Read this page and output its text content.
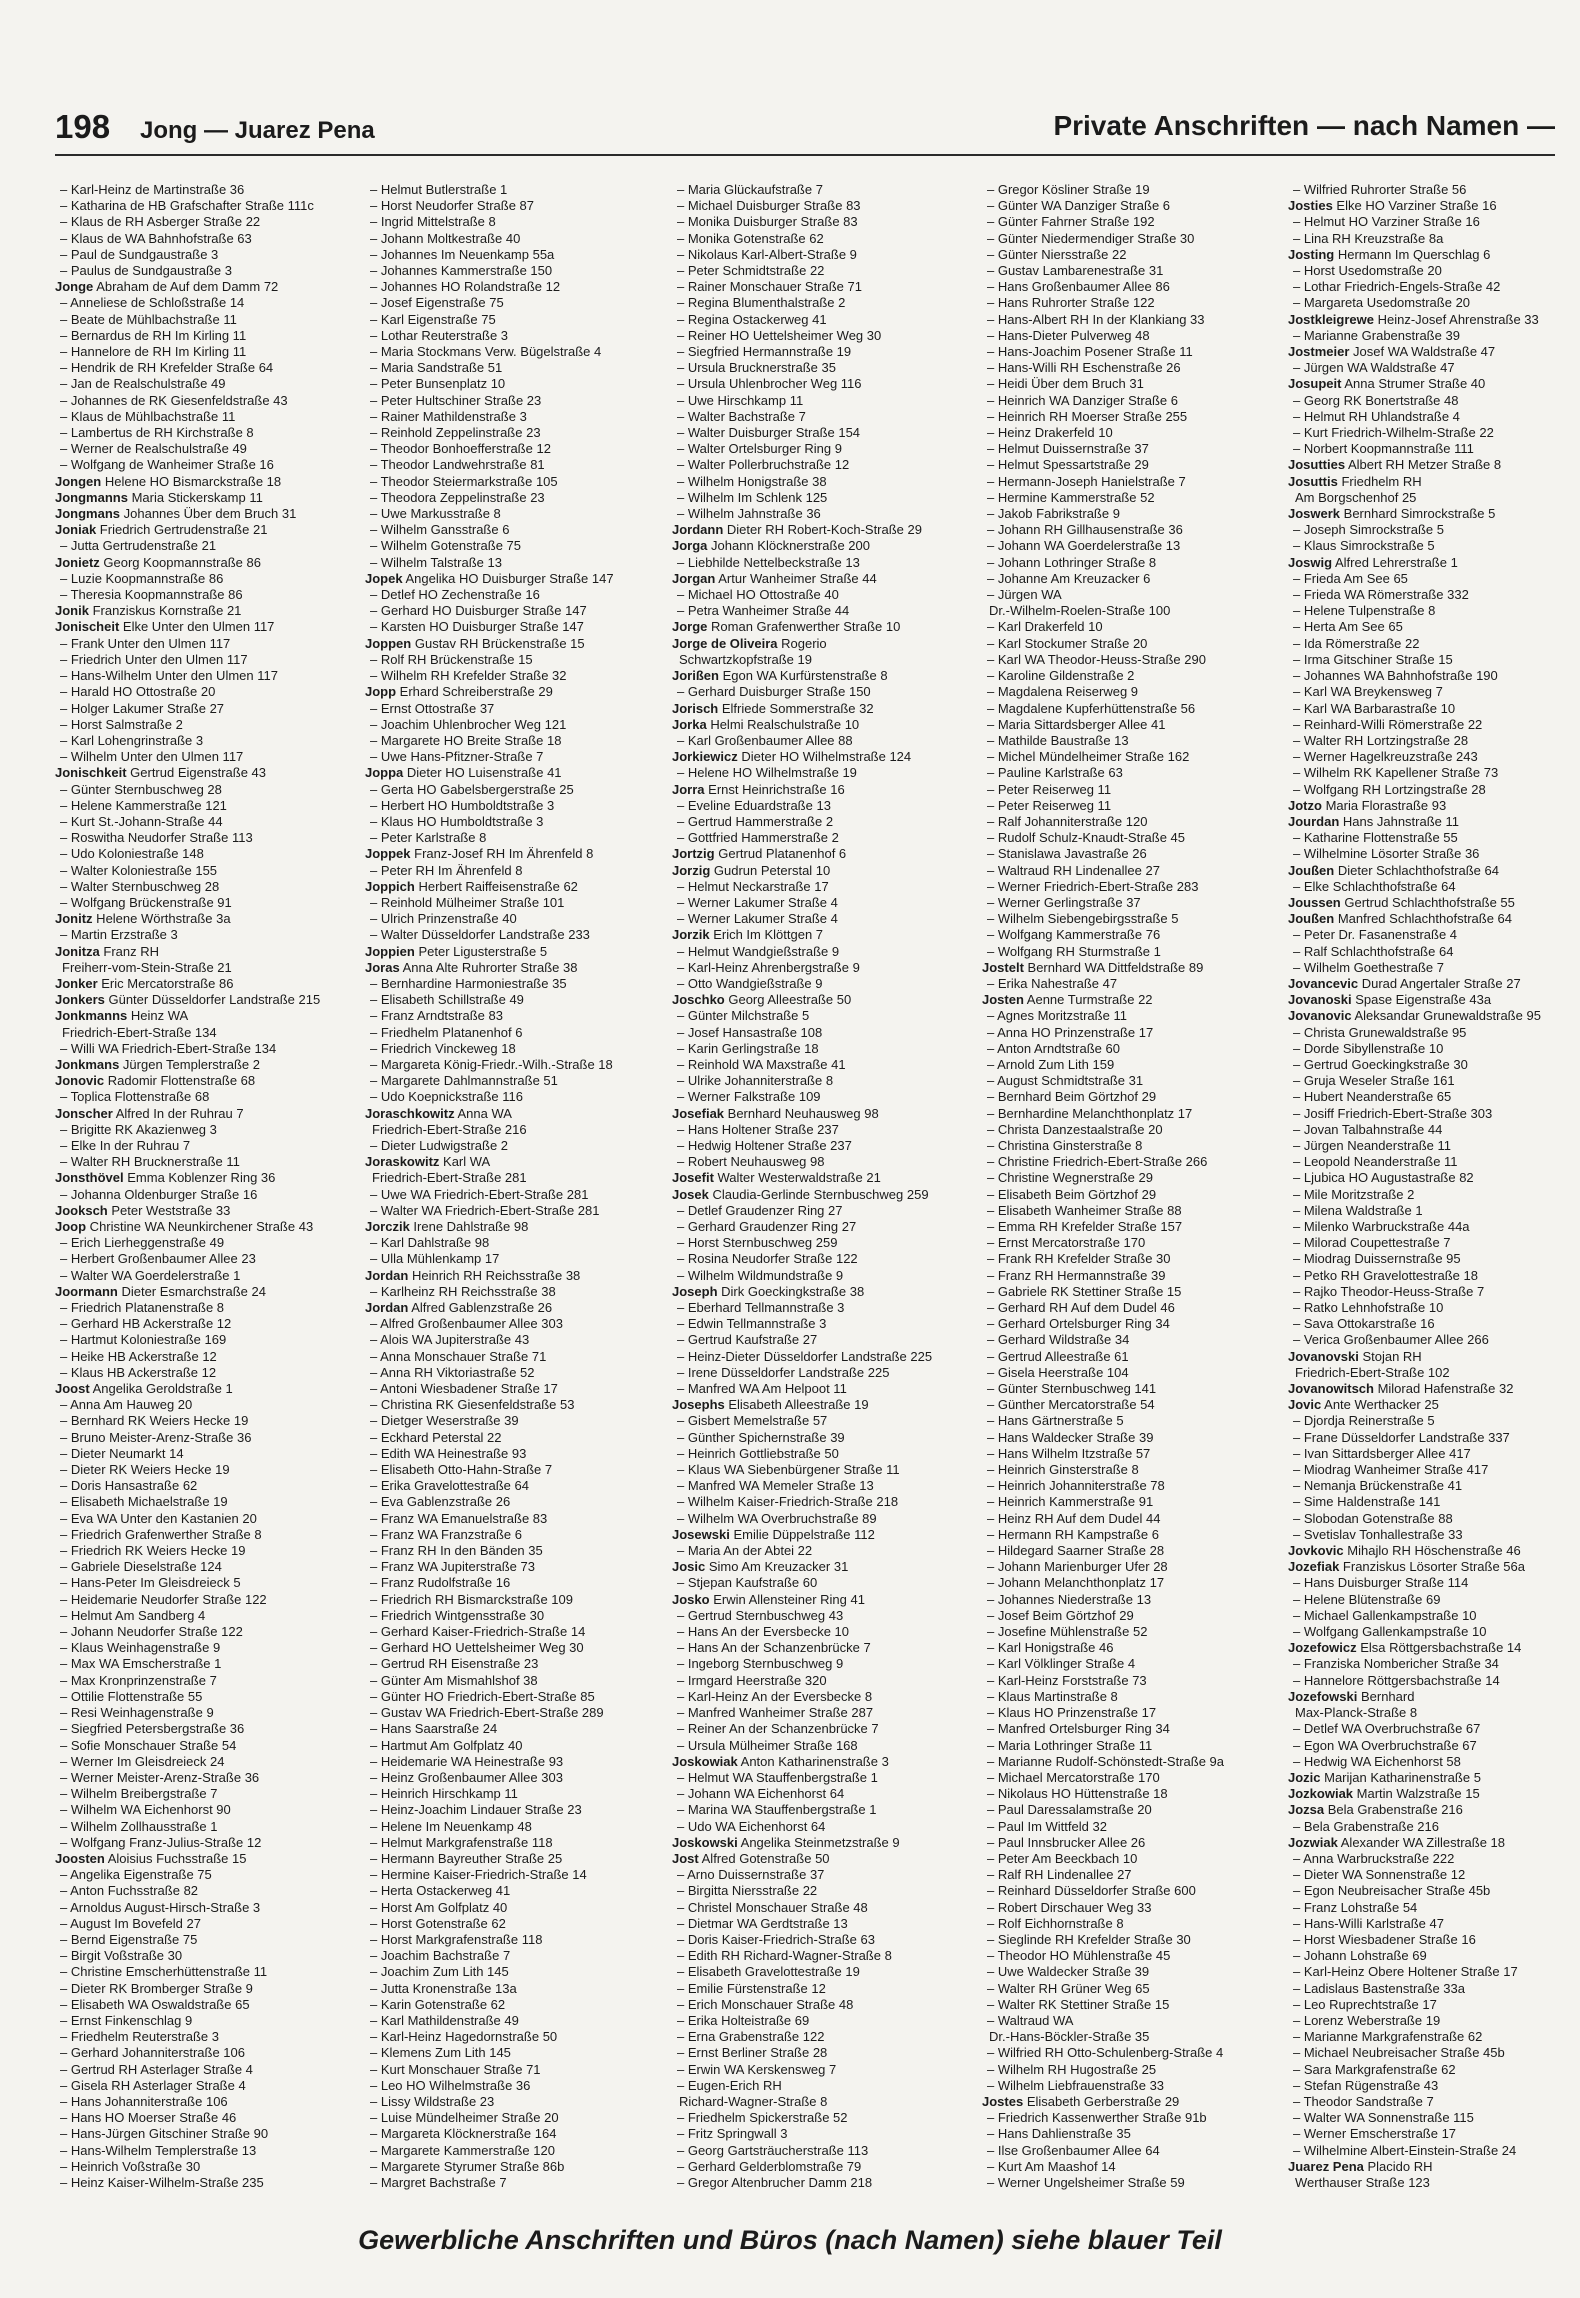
198 Jong — Juarez Pena	Private Anschriften — nach Namen —
– Karl-Heinz de Martinstraße 36
– Katharina de HB Grafschafter Straße 111c
– Klaus de RH Asberger Straße 22
– Klaus de WA Bahnhofstraße 63
– Paul de Sundgaustraße 3
– Paulus de Sundgaustraße 3
Jonge Abraham de Auf dem Damm 72
– Anneliese de Schloßstraße 14
– Beate de Mühlbachstraße 11
– Bernardus de RH Im Kirling 11
– Hannelore de RH Im Kirling 11
– Hendrik de RH Krefelder Straße 64
– Jan de Realschulstraße 49
– Johannes de RK Giesenfeldstraße 43
– Klaus de Mühlbachstraße 11
– Lambertus de RH Kirchstraße 8
– Werner de Realschulstraße 49
– Wolfgang de Wanheimer Straße 16
Jongen Helene HO Bismarckstraße 18
Jongmanns Maria Stickerskamp 11
Jongmans Johannes Über dem Bruch 31
Joniak Friedrich Gertrudenstraße 21
– Jutta Gertrudenstraße 21
Jonietz Georg Koopmannstraße 86
– Luzie Koopmannstraße 86
– Theresia Koopmannstraße 86
Jonik Franziskus Kornstraße 21
Jonischeit Elke Unter den Ulmen 117
– Frank Unter den Ulmen 117
– Friedrich Unter den Ulmen 117
– Hans-Wilhelm Unter den Ulmen 117
– Harald HO Ottostraße 20
– Holger Lakumer Straße 27
– Horst Salmstraße 2
– Karl Lohengrinstraße 3
– Wilhelm Unter den Ulmen 117
Jonischkeit Gertrud Eigenstraße 43
– Günter Sternbuschweg 28
– Helene Kammerstraße 121
– Kurt St.-Johann-Straße 44
– Roswitha Neudorfer Straße 113
– Udo Koloniestraße 148
– Walter Koloniestraße 155
– Walter Sternbuschweg 28
– Wolfgang Brückenstraße 91
Jonitz Helene Wörthstraße 3a
– Martin Erzstraße 3
Jonitza Franz RH
Freiherr-vom-Stein-Straße 21
Jonker Eric Mercatorstraße 86
Jonkers Günter Düsseldorfer Landstraße 215
Jonkmanns Heinz WA
Friedrich-Ebert-Straße 134
– Willi WA Friedrich-Ebert-Straße 134
Jonkmans Jürgen Templerstraße 2
Jonovic Radomir Flottenstraße 68
– Toplica Flottenstraße 68
Jonscher Alfred In der Ruhrau 7
– Brigitte RK Akazienweg 3
– Elke In der Ruhrau 7
– Walter RH Brucknerstraße 11
Jonsthövel Emma Koblenzer Ring 36
– Johanna Oldenburger Straße 16
Jooksch Peter Weststraße 33
Joop Christine WA Neunkirchener Straße 43
– Erich Lierheggenstraße 49
– Herbert Großenbaumer Allee 23
– Walter WA Goerdelerstraße 1
Joormann Dieter Esmarchstraße 24
– Friedrich Platanenstraße 8
– Gerhard HB Ackerstraße 12
– Hartmut Koloniestraße 169
– Heike HB Ackerstraße 12
– Klaus HB Ackerstraße 12
Joost Angelika Geroldstraße 1
– Anna Am Hauweg 20
– Bernhard RK Weiers Hecke 19
– Bruno Meister-Arenz-Straße 36
– Dieter Neumarkt 14
– Dieter RK Weiers Hecke 19
– Doris Hansastraße 62
– Elisabeth Michaelstraße 19
– Eva WA Unter den Kastanien 20
– Friedrich Grafenwerther Straße 8
– Friedrich RK Weiers Hecke 19
– Gabriele Dieselstraße 124
– Hans-Peter Im Gleisdreieck 5
– Heidemarie Neudorfer Straße 122
– Helmut Am Sandberg 4
– Johann Neudorfer Straße 122
– Klaus Weinhagenstraße 9
– Max WA Emscherstraße 1
– Max Kronprinzenstraße 7
– Ottilie Flottenstraße 55
– Resi Weinhagenstraße 9
– Siegfried Petersbergstraße 36
– Sofie Monschauer Straße 54
– Werner Im Gleisdreieck 24
– Werner Meister-Arenz-Straße 36
– Wilhelm Breibergstraße 7
– Wilhelm WA Eichenhorst 90
– Wilhelm Zollhausstraße 1
– Wolfgang Franz-Julius-Straße 12
Joosten Aloisius Fuchsstraße 15
– Angelika Eigenstraße 75
– Anton Fuchsstraße 82
– Arnoldus August-Hirsch-Straße 3
– August Im Bovefeld 27
– Bernd Eigenstraße 75
– Birgit Voßstraße 30
– Christine Emscherhüttenstraße 11
– Dieter RK Bromberger Straße 9
– Elisabeth WA Oswaldstraße 65
– Ernst Finkenschlag 9
– Friedhelm Reuterstraße 3
– Gerhard Johanniterstraße 106
– Gertrud RH Asterlager Straße 4
– Gisela RH Asterlager Straße 4
– Hans Johanniterstraße 106
– Hans HO Moerser Straße 46
– Hans-Jürgen Gitschiner Straße 90
– Hans-Wilhelm Templerstraße 13
– Heinrich Voßstraße 30
– Heinz Kaiser-Wilhelm-Straße 235
– Helmut Butlerstraße 1
– Horst Neudorfer Straße 87
– Ingrid Mittelstraße 8
– Johann Moltkestraße 40
– Johannes Im Neuenkamp 55a
– Johannes Kammerstraße 150
– Johannes HO Rolandstraße 12
– Josef Eigenstraße 75
– Karl Eigenstraße 75
– Lothar Reuterstraße 3
– Maria Stockmans Verw. Bügelstraße 4
– Maria Sandstraße 51
– Peter Bunsenplatz 10
– Peter Hultschiner Straße 23
– Rainer Mathildenstraße 3
– Reinhold Zeppelinstraße 23
– Theodor Bonhoefferstraße 12
– Theodor Landwehrstraße 81
– Theodor Steiermarkstraße 105
– Theodora Zeppelinstraße 23
– Uwe Markusstraße 8
– Wilhelm Gansstraße 6
– Wilhelm Gotenstraße 75
– Wilhelm Talstraße 13
Jopek Angelika HO Duisburger Straße 147
– Detlef HO Zechenstraße 16
– Gerhard HO Duisburger Straße 147
– Karsten HO Duisburger Straße 147
Joppen Gustav RH Brückenstraße 15
– Rolf RH Brückenstraße 15
– Wilhelm RH Krefelder Straße 32
Jopp Erhard Schreiberstraße 29
– Ernst Ottostraße 37
– Joachim Uhlenbrocher Weg 121
– Margarete HO Breite Straße 18
– Uwe Hans-Pfitzner-Straße 7
Joppa Dieter HO Luisenstraße 41
– Gerta HO Gabelsbergerstraße 25
– Herbert HO Humboldtstraße 3
– Klaus HO Humboldtstraße 3
– Peter Karlstraße 8
Joppek Franz-Josef RH Im Ährenfeld 8
– Peter RH Im Ährenfeld 8
Joppich Herbert Raiffeisenstraße 62
– Reinhold Mülheimer Straße 101
– Ulrich Prinzenstraße 40
– Walter Düsseldorfer Landstraße 233
Joppien Peter Ligusterstraße 5
Joras Anna Alte Ruhrorter Straße 38
– Bernhardine Harmoniestraße 35
– Elisabeth Schillstraße 49
– Franz Arndtstraße 83
– Friedhelm Platanenhof 6
– Friedrich Vinckeweg 18
– Margareta König-Friedr.-Wilh.-Straße 18
– Margarete Dahlmannstraße 51
– Udo Koepnickstraße 116
Joraschkowitz Anna WA
Friedrich-Ebert-Straße 216
– Dieter Ludwigstraße 2
Joraskowitz Karl WA
Friedrich-Ebert-Straße 281
– Uwe WA Friedrich-Ebert-Straße 281
– Walter WA Friedrich-Ebert-Straße 281
Jorczik Irene Dahlstraße 98
– Karl Dahlstraße 98
– Ulla Mühlenkamp 17
Jordan Heinrich RH Reichsstraße 38
– Karlheinz RH Reichsstraße 38
Jordan Alfred Gablenzstraße 26
– Alfred Großenbaumer Allee 303
– Alois WA Jupiterstraße 43
– Anna Monschauer Straße 71
– Anna RH Viktoriastraße 52
– Antoni Wiesbadener Straße 17
– Christina RK Giesenfeldstraße 53
– Dietger Weserstraße 39
– Eckhard Peterstal 22
– Edith WA Heinestraße 93
– Elisabeth Otto-Hahn-Straße 7
– Erika Gravelottestraße 64
– Eva Gablenzstraße 26
– Franz WA Emanuelstraße 83
– Franz WA Franzstraße 6
– Franz RH In den Bänden 35
– Franz WA Jupiterstraße 73
– Franz Rudolfstraße 16
– Friedrich RH Bismarckstraße 109
– Friedrich Wintgensstraße 30
– Gerhard Kaiser-Friedrich-Straße 14
– Gerhard HO Uettelsheimer Weg 30
– Gertrud RH Eisenstraße 23
– Günter Am Mismahlshof 38
– Günter HO Friedrich-Ebert-Straße 85
– Gustav WA Friedrich-Ebert-Straße 289
– Hans Saarstraße 24
– Hartmut Am Golfplatz 40
– Heidemarie WA Heinestraße 93
– Heinz Großenbaumer Allee 303
– Heinrich Hirschkamp 11
– Heinz-Joachim Lindauer Straße 23
– Helene Im Neuenkamp 48
– Helmut Markgrafenstraße 118
– Hermann Bayreuther Straße 25
– Hermine Kaiser-Friedrich-Straße 14
– Herta Ostackerweg 41
– Horst Am Golfplatz 40
– Horst Gotenstraße 62
– Horst Markgrafenstraße 118
– Joachim Bachstraße 7
– Joachim Zum Lith 145
– Jutta Kronenstraße 13a
– Karin Gotenstraße 62
– Karl Mathildenstraße 49
– Karl-Heinz Hagedornstraße 50
– Klemens Zum Lith 145
– Kurt Monschauer Straße 71
– Leo HO Wilhelmstraße 36
– Lissy Wildstraße 23
– Luise Mündelheimer Straße 20
– Margareta Klöcknerstraße 164
– Margarete Kammerstraße 120
– Margarete Styrumer Straße 86b
– Margret Bachstraße 7
– Maria Glückaufstraße 7
– Michael Duisburger Straße 83
– Monika Duisburger Straße 83
– Monika Gotenstraße 62
– Nikolaus Karl-Albert-Straße 9
– Peter Schmidtstraße 22
– Rainer Monschauer Straße 71
– Regina Blumenthalstraße 2
– Regina Ostackerweg 41
– Reiner HO Uettelsheimer Weg 30
– Siegfried Hermannstraße 19
– Ursula Brucknerstraße 35
– Ursula Uhlenbrocher Weg 116
– Uwe Hirschkamp 11
– Walter Bachstraße 7
– Walter Duisburger Straße 154
– Walter Ortelsburger Ring 9
– Walter Pollerbruchstraße 12
– Wilhelm Honigstraße 38
– Wilhelm Im Schlenk 125
– Wilhelm Jahnstraße 36
Jordann Dieter RH Robert-Koch-Straße 29
Jorga Johann Klöcknerstraße 200
– Liebhilde Nettelbeckstraße 13
Jorgan Artur Wanheimer Straße 44
– Michael HO Ottostraße 40
– Petra Wanheimer Straße 44
Jorge Roman Grafenwerther Straße 10
Jorge de Oliveira Rogerio
Schwartzkopfstraße 19
Jorißen Egon WA Kurfürstenstraße 8
– Gerhard Duisburger Straße 150
Jorisch Elfriede Sommerstraße 32
Jorka Helmi Realschulstraße 10
– Karl Großenbaumer Allee 88
Jorkiewicz Dieter HO Wilhelmstraße 124
– Helene HO Wilhelmstraße 19
Jorra Ernst Heinrichstraße 16
– Eveline Eduardstraße 13
– Gertrud Hammerstraße 2
– Gottfried Hammerstraße 2
Jortzig Gertrud Platanenhof 6
Jorzig Gudrun Peterstal 10
– Helmut Neckarstraße 17
– Werner Lakumer Straße 4
– Werner Lakumer Straße 4
Jorzik Erich Im Klöttgen 7
– Helmut Wandgießstraße 9
– Karl-Heinz Ahrenbergstraße 9
– Otto Wandgießstraße 9
Joschko Georg Alleestraße 50
– Günter Milchstraße 5
– Josef Hansastraße 108
– Karin Gerlingstraße 18
– Reinhold WA Maxstraße 41
– Ulrike Johanniterstraße 8
– Werner Falkstraße 109
Josefiak Bernhard Neuhausweg 98
– Hans Holtener Straße 237
– Hedwig Holtener Straße 237
– Robert Neuhausweg 98
Josefit Walter Westerwaldstraße 21
Josek Claudia-Gerlinde Sternbuschweg 259
– Detlef Graudenzer Ring 27
– Gerhard Graudenzer Ring 27
– Horst Sternbuschweg 259
– Rosina Neudorfer Straße 122
– Wilhelm Wildmundstraße 9
Joseph Dirk Goeckingkstraße 38
– Eberhard Tellmannstraße 3
– Edwin Tellmannstraße 3
– Gertrud Kaufstraße 27
– Heinz-Dieter Düsseldorfer Landstraße 225
– Irene Düsseldorfer Landstraße 225
– Manfred WA Am Helpoot 11
Josephs Elisabeth Alleestraße 19
– Gisbert Memelstraße 57
– Günther Spichernstraße 39
– Heinrich Gottliebstraße 50
– Klaus WA Siebenbürgener Straße 11
– Manfred WA Memeler Straße 13
– Wilhelm Kaiser-Friedrich-Straße 218
– Wilhelm WA Overbruchstraße 89
Josewski Emilie Düppelstraße 112
– Maria An der Abtei 22
Josic Simo Am Kreuzacker 31
– Stjepan Kaufstraße 60
Josko Erwin Allensteiner Ring 41
– Gertrud Sternbuschweg 43
– Hans An der Eversbecke 10
– Hans An der Schanzenbrücke 7
– Ingeborg Sternbuschweg 9
– Irmgard Heerstraße 320
– Karl-Heinz An der Eversbecke 8
– Manfred Wanheimer Straße 287
– Reiner An der Schanzenbrücke 7
– Ursula Mülheimer Straße 168
Joskowiak Anton Katharinenstraße 3
– Helmut WA Stauffenbergstraße 1
– Johann WA Eichenhorst 64
– Marina WA Stauffenbergstraße 1
– Udo WA Eichenhorst 64
Joskowski Angelika Steinmetzstraße 9
Jost Alfred Gotenstraße 50
– Arno Duissernstraße 37
– Birgitta Niersstraße 22
– Christel Monschauer Straße 48
– Dietmar WA Gerdtstraße 13
– Doris Kaiser-Friedrich-Straße 63
– Edith RH Richard-Wagner-Straße 8
– Elisabeth Gravelottestraße 19
– Emilie Fürstenstraße 12
– Erich Monschauer Straße 48
– Erika Holteistraße 69
– Erna Grabenstraße 122
– Ernst Berliner Straße 28
– Erwin WA Kerskensweg 7
– Eugen-Erich RH
Richard-Wagner-Straße 8
– Friedhelm Spickerstraße 52
– Fritz Springwall 3
– Georg Gartsträucherstraße 113
– Gerhard Gelderblomstraße 79
– Gregor Altenbrucher Damm 218
– Gregor Kösliner Straße 19
– Günter WA Danziger Straße 6
– Günter Fahrner Straße 192
– Günter Niedermendiger Straße 30
– Günter Niersstraße 22
– Gustav Lambarenestraße 31
– Hans Großenbaumer Allee 86
– Hans Ruhrorter Straße 122
– Hans-Albert RH In der Klankiang 33
– Hans-Dieter Pulverweg 48
– Hans-Joachim Posener Straße 11
– Hans-Willi RH Eschenstraße 26
– Heidi Über dem Bruch 31
– Heinrich WA Danziger Straße 6
– Heinrich RH Moerser Straße 255
– Heinz Drakerfeld 10
– Helmut Duissernstraße 37
– Helmut Spessartstraße 29
– Hermann-Joseph Hanielstraße 7
– Hermine Kammerstraße 52
– Jakob Fabrikstraße 9
– Johann RH Gillhausenstraße 36
– Johann WA Goerdelerstraße 13
– Johann Lothringer Straße 8
– Johanne Am Kreuzacker 6
– Jürgen WA
Dr.-Wilhelm-Roelen-Straße 100
– Karl Drakerfeld 10
– Karl Stockumer Straße 20
– Karl WA Theodor-Heuss-Straße 290
– Karoline Gildenstraße 2
– Magdalena Reiserweg 9
– Magdalene Kupferhüttenstraße 56
– Maria Sittardsberger Allee 41
– Mathilde Baustraße 13
– Michel Mündelheimer Straße 162
– Pauline Karlstraße 63
– Peter Reiserweg 11
– Peter Reiserweg 11
– Ralf Johanniterstraße 120
– Rudolf Schulz-Knaudt-Straße 45
– Stanislawa Javastraße 26
– Waltraud RH Lindenallee 27
– Werner Friedrich-Ebert-Straße 283
– Werner Gerlingstraße 37
– Wilhelm Siebengebirgsstraße 5
– Wolfgang Kammerstraße 76
– Wolfgang RH Sturmstraße 1
Jostelt Bernhard WA Dittfeldstraße 89
– Erika Nahestraße 47
Josten Aenne Turmstraße 22
– Agnes Moritzstraße 11
– Anna HO Prinzenstraße 17
– Anton Arndtstraße 60
– Arnold Zum Lith 159
– August Schmidtstraße 31
– Bernhard Beim Görtzhof 29
– Bernhardine Melanchthonplatz 17
– Christa Danzestaalstraße 20
– Christina Ginsterstraße 8
– Christine Friedrich-Ebert-Straße 266
– Christine Wegnerstraße 29
– Elisabeth Beim Görtzhof 29
– Elisabeth Wanheimer Straße 88
– Emma RH Krefelder Straße 157
– Ernst Mercatorstraße 170
– Frank RH Krefelder Straße 30
– Franz RH Hermannstraße 39
– Gabriele RK Stettiner Straße 15
– Gerhard RH Auf dem Dudel 46
– Gerhard Ortelsburger Ring 34
– Gerhard Wildstraße 34
– Gertrud Alleestraße 61
– Gisela Heerstraße 104
– Günter Sternbuschweg 141
– Günther Mercatorstraße 54
– Hans Gärtnerstraße 5
– Hans Waldecker Straße 39
– Hans Wilhelm Itzstraße 57
– Heinrich Ginsterstraße 8
– Heinrich Johanniterstraße 78
– Heinrich Kammerstraße 91
– Heinz RH Auf dem Dudel 44
– Hermann RH Kampstraße 6
– Hildegard Saarner Straße 28
– Johann Marienburger Ufer 28
– Johann Melanchthonplatz 17
– Johannes Niederstraße 13
– Josef Beim Görtzhof 29
– Josefine Mühlenstraße 52
– Karl Honigstraße 46
– Karl Völklinger Straße 4
– Karl-Heinz Forststraße 73
– Klaus Martinstraße 8
– Klaus HO Prinzenstraße 17
– Manfred Ortelsburger Ring 34
– Maria Lothringer Straße 11
– Marianne Rudolf-Schönstedt-Straße 9a
– Michael Mercatorstraße 170
– Nikolaus HO Hüttenstraße 18
– Paul Daressalamstraße 20
– Paul Im Wittfeld 32
– Paul Innsbrucker Allee 26
– Peter Am Beeckbach 10
– Ralf RH Lindenallee 27
– Reinhard Düsseldorfer Straße 600
– Robert Dirschauer Weg 33
– Rolf Eichhornstraße 8
– Sieglinde RH Krefelder Straße 30
– Theodor HO Mühlenstraße 45
– Uwe Waldecker Straße 39
– Walter RH Grüner Weg 65
– Walter RK Stettiner Straße 15
– Waltraud WA
Dr.-Hans-Böckler-Straße 35
– Wilfried RH Otto-Schulenberg-Straße 4
– Wilhelm RH Hugostraße 25
– Wilhelm Liebfrauenstraße 33
Jostes Elisabeth Gerberstraße 29
– Friedrich Kassenwerther Straße 91b
– Hans Dahlienstraße 35
– Ilse Großenbaumer Allee 64
– Kurt Am Maashof 14
– Werner Ungelsheimer Straße 59
– Wilfried Ruhrorter Straße 56
Josties Elke HO Varziner Straße 16
– Helmut HO Varziner Straße 16
– Lina RH Kreuzstraße 8a
Josting Hermann Im Querschlag 6
– Horst Usedomstraße 20
– Lothar Friedrich-Engels-Straße 42
– Margareta Usedomstraße 20
Jostkleigrewe Heinz-Josef Ahrenstraße 33
– Marianne Grabenstraße 39
Jostmeier Josef WA Waldstraße 47
– Jürgen WA Waldstraße 47
Josupeit Anna Strumer Straße 40
– Georg RK Bonertstraße 48
– Helmut RH Uhlandstraße 4
– Kurt Friedrich-Wilhelm-Straße 22
– Norbert Koopmannstraße 111
Josutties Albert RH Metzer Straße 8
Josuttis Friedhelm RH
Am Borgschenhof 25
Joswerk Bernhard Simrockstraße 5
– Joseph Simrockstraße 5
– Klaus Simrockstraße 5
Joswig Alfred Lehrerstraße 1
– Frieda Am See 65
– Frieda WA Römerstraße 332
– Helene Tulpenstraße 8
– Herta Am See 65
– Ida Römerstraße 22
– Irma Gitschiner Straße 15
– Johannes WA Bahnhofstraße 190
– Karl WA Breykensweg 7
– Karl WA Barbarastraße 10
– Reinhard-Willi Römerstraße 22
– Walter RH Lortzingstraße 28
– Werner Hagelkreuzstraße 243
– Wilhelm RK Kapellener Straße 73
– Wolfgang RH Lortzingstraße 28
Jotzo Maria Florastraße 93
Jourdan Hans Jahnstraße 11
– Katharine Flottenstraße 55
– Wilhelmine Lösorter Straße 36
Joußen Dieter Schlachthofstraße 64
– Elke Schlachthofstraße 64
Joussen Gertrud Schlachthofstraße 55
Joußen Manfred Schlachthofstraße 64
– Peter Dr. Fasanenstraße 4
– Ralf Schlachthofstraße 64
– Wilhelm Goethestraße 7
Jovancevic Durad Angertaler Straße 27
Jovanoski Spase Eigenstraße 43a
Jovanovic Aleksandar Grunewaldstraße 95
– Christa Grunewaldstraße 95
– Dorde Sibyllenstraße 10
– Gertrud Goeckingkstraße 30
– Gruja Weseler Straße 161
– Hubert Neanderstraße 65
– Josiff Friedrich-Ebert-Straße 303
– Jovan Talbahnstraße 44
– Jürgen Neanderstraße 11
– Leopold Neanderstraße 11
– Ljubica HO Augustastraße 82
– Mile Moritzstraße 2
– Milena Waldstraße 1
– Milenko Warbruckstraße 44a
– Milorad Coupettestraße 7
– Miodrag Duissernstraße 95
– Petko RH Gravelottestraße 18
– Rajko Theodor-Heuss-Straße 7
– Ratko Lehnhofstraße 10
– Sava Ottokarstraße 16
– Verica Großenbaumer Allee 266
Jovanovski Stojan RH
Friedrich-Ebert-Straße 102
Jovanowitsch Milorad Hafenstraße 32
Jovic Ante Werthacker 25
– Djordja Reinerstraße 5
– Frane Düsseldorfer Landstraße 337
– Ivan Sittardsberger Allee 417
– Miodrag Wanheimer Straße 417
– Nemanja Brückenstraße 41
– Sime Haldenstraße 141
– Slobodan Gotenstraße 88
– Svetislav Tonhallestraße 33
Jovkovic Mihajlo RH Höschenstraße 46
Jozefiak Franziskus Lösorter Straße 56a
– Hans Duisburger Straße 114
– Helene Blütenstraße 69
– Michael Gallenkampstraße 10
– Wolfgang Gallenkampstraße 10
Jozefowicz Elsa Röttgersbachstraße 14
– Franziska Nombericher Straße 34
– Hannelore Röttgersbachstraße 14
Jozefowski Bernhard
Max-Planck-Straße 8
– Detlef WA Overbruchstraße 67
– Egon WA Overbruchstraße 67
– Hedwig WA Eichenhorst 58
Jozic Marijan Katharinenstraße 5
Jozkowiak Martin Walzstraße 15
Jozsa Bela Grabenstraße 216
– Bela Grabenstraße 216
Jozwiak Alexander WA Zillestraße 18
– Anna Warbruckstraße 222
– Dieter WA Sonnenstraße 12
– Egon Neubreisacher Straße 45b
– Franz Lohstraße 54
– Hans-Willi Karlstraße 47
– Horst Wiesbadener Straße 16
– Johann Lohstraße 69
– Karl-Heinz Obere Holtener Straße 17
– Ladislaus Bastenstraße 33a
– Leo Ruprechtstraße 17
– Lorenz Weberstraße 19
– Marianne Markgrafenstraße 62
– Michael Neubreisacher Straße 45b
– Sara Markgrafenstraße 62
– Stefan Rügenstraße 43
– Theodor Sandstraße 7
– Walter WA Sonnenstraße 115
– Werner Emscherstraße 17
– Wilhelmine Albert-Einstein-Straße 24
Juarez Pena Placido RH
Werthauser Straße 123
Gewerbliche Anschriften und Büros (nach Namen) siehe blauer Teil
